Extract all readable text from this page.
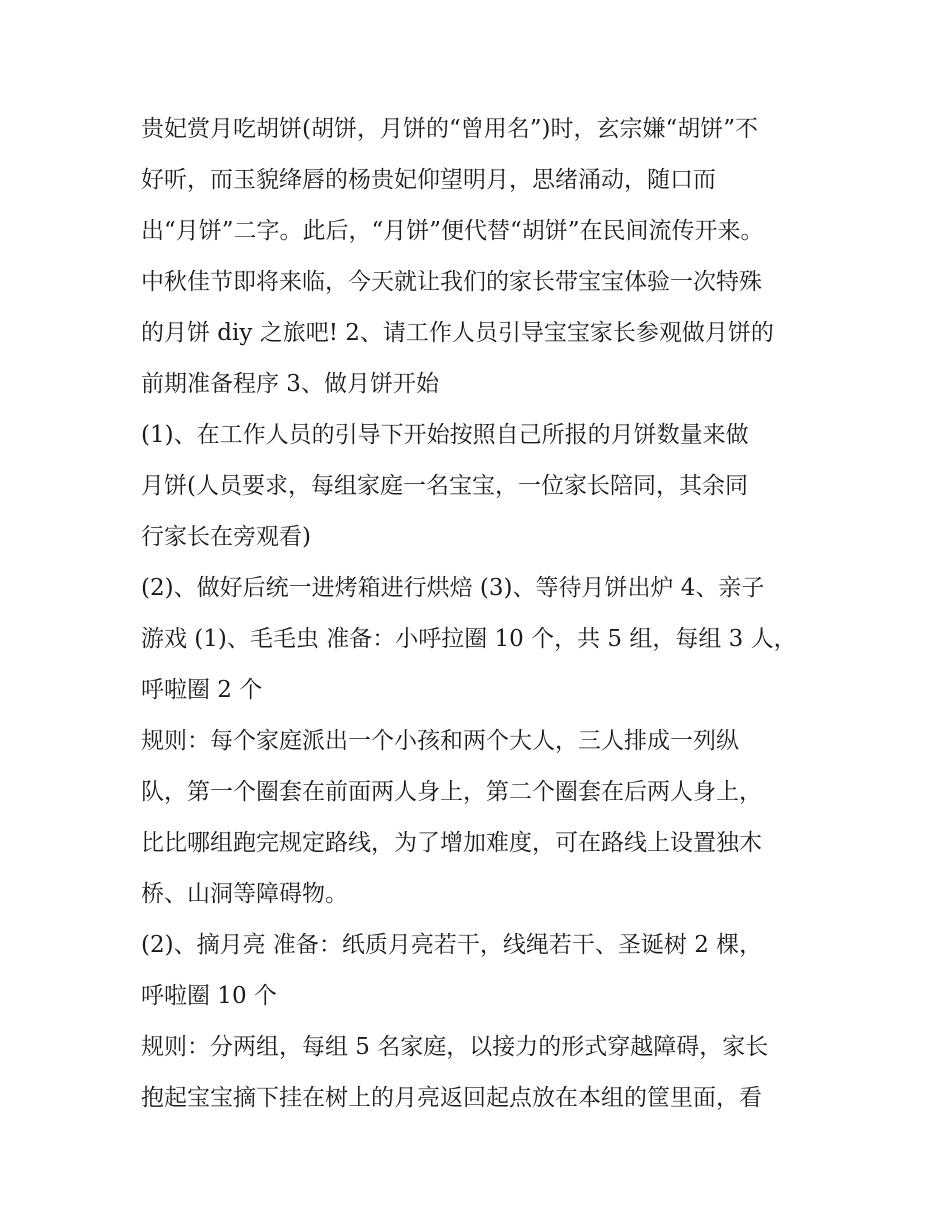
贵妃赏月吃胡饼(胡饼，月饼的“曾用名”)时，玄宗嫌“胡饼”不
好听，而玉貌绛唇的杨贵妃仰望明月，思绪涌动，随口而
出“月饼”二字。此后，“月饼”便代替“胡饼”在民间流传开来。
中秋佳节即将来临，今天就让我们的家长带宝宝体验一次特殊
的月饼 diy 之旅吧! 2、请工作人员引导宝宝家长参观做月饼的
前期准备程序 3、做月饼开始
(1)、在工作人员的引导下开始按照自己所报的月饼数量来做
月饼(人员要求，每组家庭一名宝宝，一位家长陪同，其余同
行家长在旁观看)
(2)、做好后统一进烤箱进行烘焙 (3)、等待月饼出炉 4、亲子
游戏 (1)、毛毛虫 准备：小呼拉圈 10 个，共 5 组，每组 3 人，
呼啦圈 2 个
规则：每个家庭派出一个小孩和两个大人，三人排成一列纵
队，第一个圈套在前面两人身上，第二个圈套在后两人身上，
比比哪组跑完规定路线，为了增加难度，可在路线上设置独木
桥、山洞等障碍物。
(2)、摘月亮 准备：纸质月亮若干，线绳若干、圣诞树 2 棵，
呼啦圈 10 个
规则：分两组，每组 5 名家庭，以接力的形式穿越障碍，家长
抱起宝宝摘下挂在树上的月亮返回起点放在本组的筐里面，看
